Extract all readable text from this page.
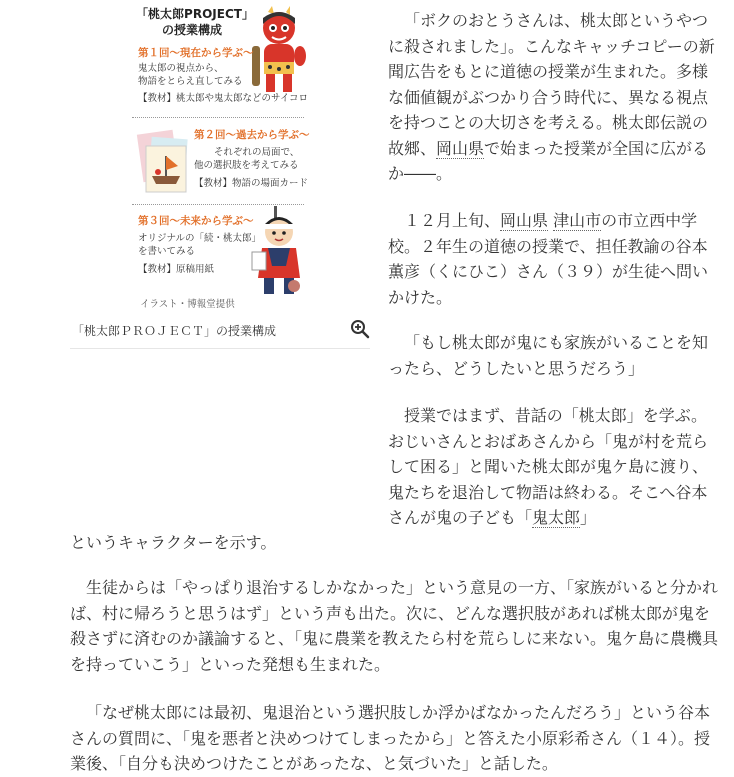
「桃太郎PROJECT」の授業構成
第１回～現在から学ぶ～
鬼太郎の視点から、
物語をとらえ直してみる
【教材】桃太郎や鬼太郎などのサイコロ
第２回～過去から学ぶ～
それぞれの局面で、
他の選択肢を考えてみる
【教材】物語の場面カード
第３回～未来から学ぶ～
オリジナルの「続・桃太郎」
を書いてみる
【教材】原稿用紙
イラスト・博報堂提供
「桃太郎ＰＲＯＪＥＣＴ」の授業構成

「ボクのおとうさんは、桃太郎というやつに殺されました」。こんなキャッチコピーの新聞広告をもとに道徳の授業が生まれた。多様な価値観がぶつかり合う時代に、異なる視点を持つことの大切さを考える。桃太郎伝説の故郷、岡山県で始まった授業が全国に広がるか――。

１２月上旬、岡山県 津山市の市立西中学校。２年生の道徳の授業で、担任教諭の谷本薫彦（くにひこ）さん（３９）が生徒へ問いかけた。

「もし桃太郎が鬼にも家族がいることを知ったら、どうしたいと思うだろう」

授業ではまず、昔話の「桃太郎」を学ぶ。おじいさんとおばあさんから「鬼が村を荒らして困る」と聞いた桃太郎が鬼ケ島に渡り、鬼たちを退治して物語は終わる。そこへ谷本さんが鬼の子ども「鬼太郎」

というキャラクターを示す。

生徒からは「やっぱり退治するしかなかった」という意見の一方、「家族がいると分かれば、村に帰ろうと思うはず」という声も出た。次に、どんな選択肢があれば桃太郎が鬼を殺さずに済むのか議論すると、「鬼に農業を教えたら村を荒らしに来ない。鬼ケ島に農機具を持っていこう」といった発想も生まれた。

「なぜ桃太郎には最初、鬼退治という選択肢しか浮かばなかったんだろう」という谷本さんの質問に、「鬼を悪者と決めつけてしまったから」と答えた小原彩希さん（１４）。授業後、「自分も決めつけたことがあったな、と気づいた」と話した。
